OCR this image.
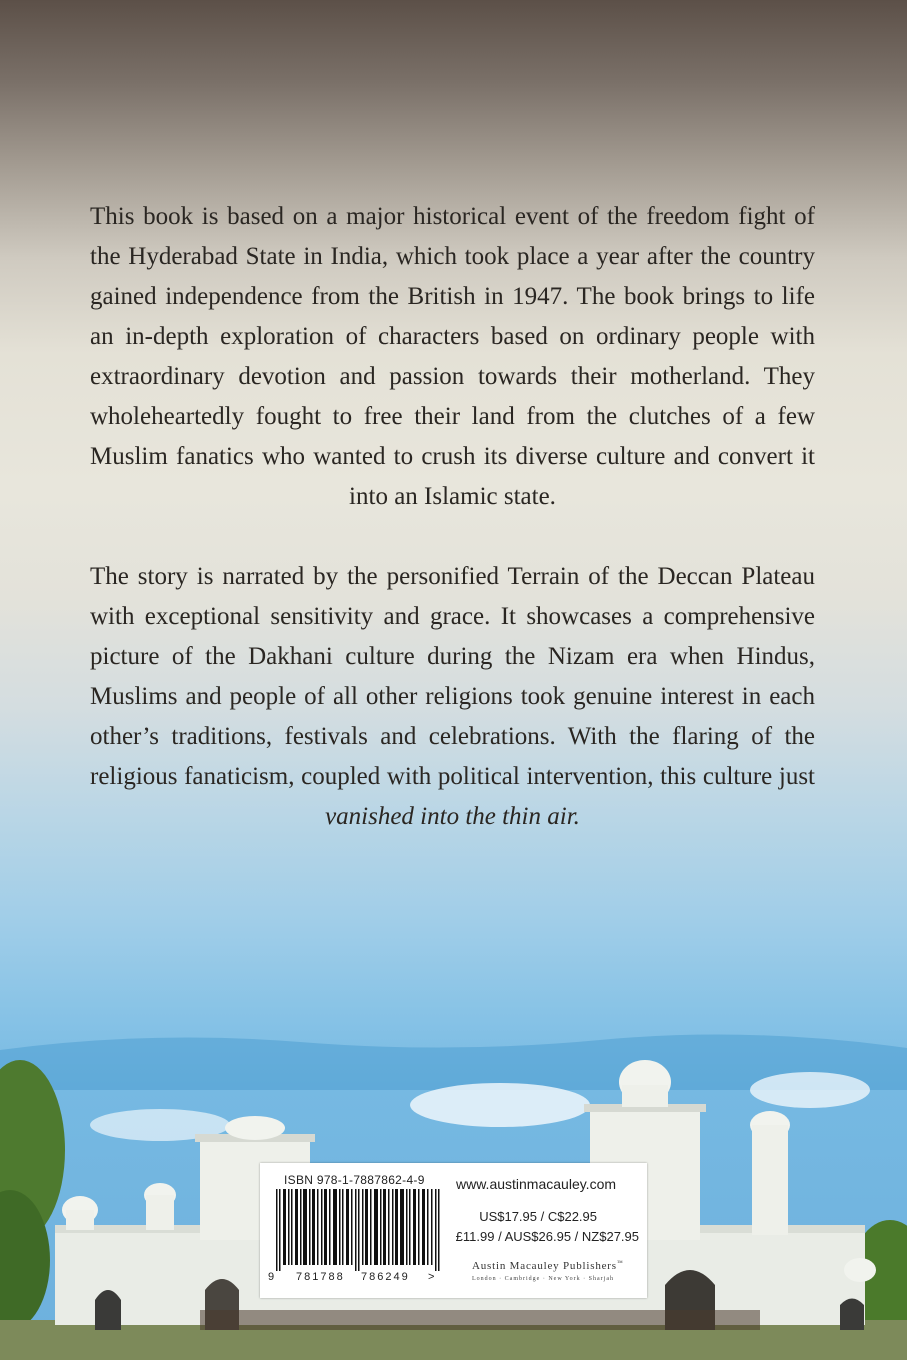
This book is based on a major historical event of the freedom fight of the Hyderabad State in India, which took place a year after the country gained independence from the British in 1947. The book brings to life an in-depth exploration of characters based on ordinary people with extraordinary devotion and passion towards their motherland. They wholeheartedly fought to free their land from the clutches of a few Muslim fanatics who wanted to crush its diverse culture and convert it into an Islamic state.

The story is narrated by the personified Terrain of the Deccan Plateau with exceptional sensitivity and grace. It showcases a comprehensive picture of the Dakhani culture during the Nizam era when Hindus, Muslims and people of all other religions took genuine interest in each other’s traditions, festivals and celebrations. With the flaring of the religious fanaticism, coupled with political intervention, this culture just vanished into the thin air.

ISBN 978-1-7887862-4-9
9 781788 786249 >
www.austinmacauley.com
US$17.95 / C$22.95
£11.99 / AUS$26.95 / NZ$27.95
Austin Macauley Publishers™
London · Cambridge · New York · Sharjah
